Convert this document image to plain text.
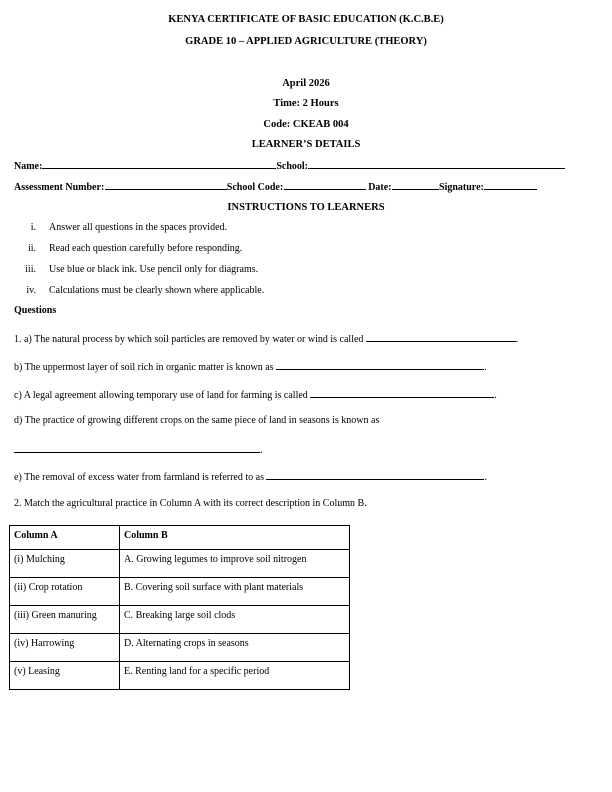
KENYA CERTIFICATE OF BASIC EDUCATION (K.C.B.E)
GRADE 10 – APPLIED AGRICULTURE (THEORY)
April 2026
Time: 2 Hours
Code: CKEAB 004
LEARNER’S DETAILS
Name:	School:
Assessment Number:	School Code:	Date:	Signature:
INSTRUCTIONS TO LEARNERS
i. Answer all questions in the spaces provided.
ii. Read each question carefully before responding.
iii. Use blue or black ink. Use pencil only for diagrams.
iv. Calculations must be clearly shown where applicable.
Questions
1. a) The natural process by which soil particles are removed by water or wind is called	.
b) The uppermost layer of soil rich in organic matter is known as	.
c) A legal agreement allowing temporary use of land for farming is called	.
d) The practice of growing different crops on the same piece of land in seasons is known as
.
e) The removal of excess water from farmland is referred to as	.
2. Match the agricultural practice in Column A with its correct description in Column B.
Column A	Column B
(i) Mulching	A. Growing legumes to improve soil nitrogen
(ii) Crop rotation	B. Covering soil surface with plant materials
(iii) Green manuring	C. Breaking large soil clods
(iv) Harrowing	D. Alternating crops in seasons
(v) Leasing	E. Renting land for a specific period
